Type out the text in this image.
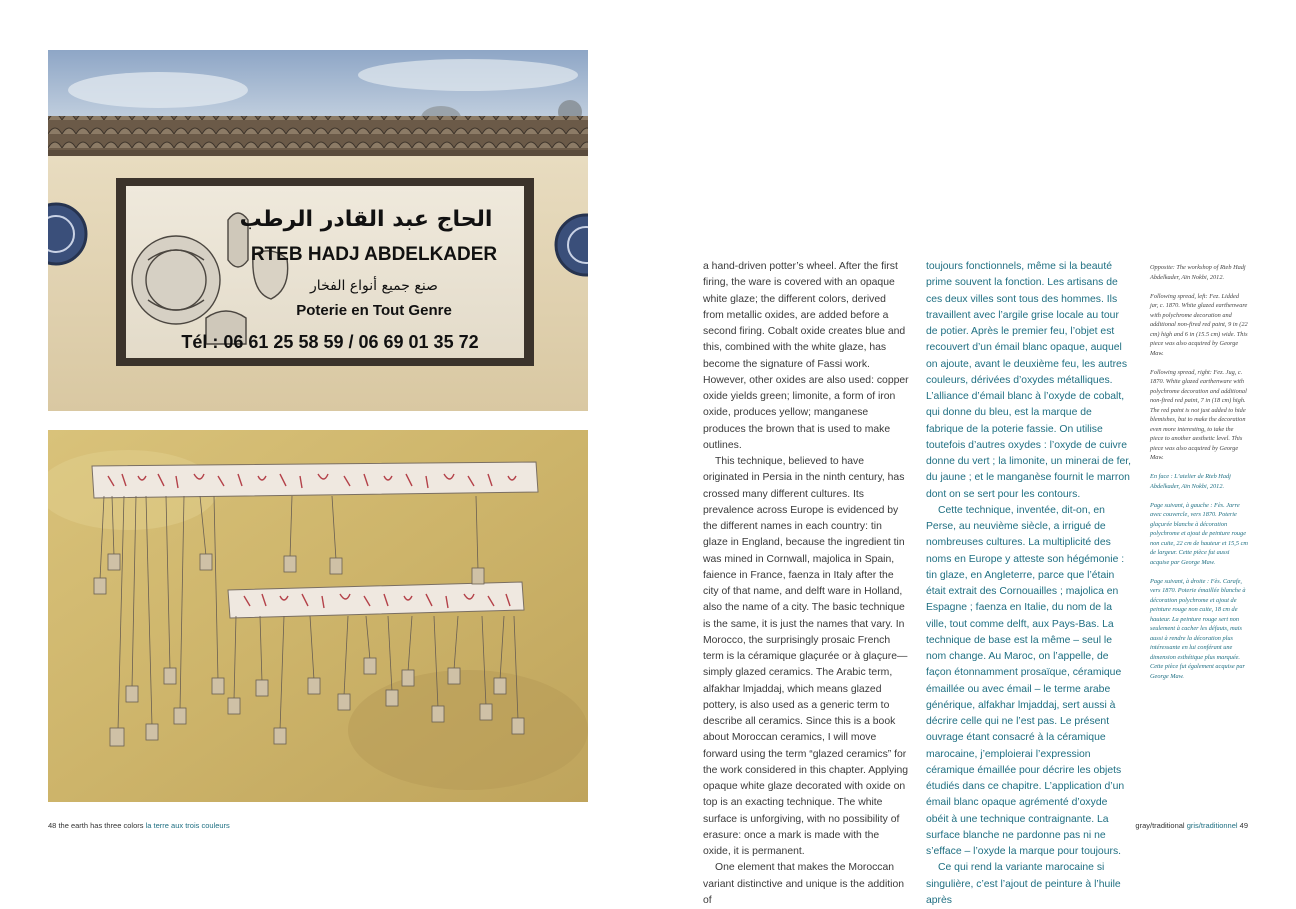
الحاج عبد القادر الرطب
RTEB HADJ ABDELKADER
صنع جميع أنواع الفخار
Poterie en Tout Genre
Tél : 06 61 25 58 59 / 06 69 01 35 72
48 the earth has three colors la terre aux trois couleurs

a hand-driven potter’s wheel. After the first firing, the ware is covered with an opaque white glaze; the different colors, derived from metallic oxides, are added before a second firing. Cobalt oxide creates blue and this, combined with the white glaze, has become the signature of Fassi work. However, other oxides are also used: copper oxide yields green; limonite, a form of iron oxide, produces yellow; manganese produces the brown that is used to make outlines.

This technique, believed to have originated in Persia in the ninth century, has crossed many different cultures. Its prevalence across Europe is evidenced by the different names in each country: tin glaze in England, because the ingredient tin was mined in Cornwall, majolica in Spain, faience in France, faenza in Italy after the city of that name, and delft ware in Holland, also the name of a city. The basic technique is the same, it is just the names that vary. In Morocco, the surprisingly prosaic French term is la céramique glaçurée or à glaçure—simply glazed ceramics. The Arabic term, alfakhar lmjaddaj, which means glazed pottery, is also used as a generic term to describe all ceramics. Since this is a book about Moroccan ceramics, I will move forward using the term “glazed ceramics” for the work considered in this chapter. Applying opaque white glaze decorated with oxide on top is an exacting technique. The white surface is unforgiving, with no possibility of erasure: once a mark is made with the oxide, it is permanent.

One element that makes the Moroccan variant distinctive and unique is the addition of

toujours fonctionnels, même si la beauté prime souvent la fonction. Les artisans de ces deux villes sont tous des hommes. Ils travaillent avec l’argile grise locale au tour de potier. Après le premier feu, l’objet est recouvert d’un émail blanc opaque, auquel on ajoute, avant le deuxième feu, les autres couleurs, dérivées d’oxydes métalliques. L’alliance d’émail blanc à l’oxyde de cobalt, qui donne du bleu, est la marque de fabrique de la poterie fassie. On utilise toutefois d’autres oxydes : l’oxyde de cuivre donne du vert ; la limonite, un minerai de fer, du jaune ; et le manganèse fournit le marron dont on se sert pour les contours.

Cette technique, inventée, dit-on, en Perse, au neuvième siècle, a irrigué de nombreuses cultures. La multiplicité des noms en Europe y atteste son hégémonie : tin glaze, en Angleterre, parce que l’étain était extrait des Cornouailles ; majolica en Espagne ; faenza en Italie, du nom de la ville, tout comme delft, aux Pays-Bas. La technique de base est la même – seul le nom change. Au Maroc, on l’appelle, de façon étonnamment prosaïque, céramique émaillée ou avec émail – le terme arabe générique, alfakhar lmjaddaj, sert aussi à décrire celle qui ne l’est pas. Le présent ouvrage étant consacré à la céramique marocaine, j’emploierai l’expression céramique émaillée pour décrire les objets étudiés dans ce chapitre. L’application d’un émail blanc opaque agrémenté d’oxyde obéit à une technique contraignante. La surface blanche ne pardonne pas ni ne s’efface – l’oxyde la marque pour toujours.

Ce qui rend la variante marocaine si singulière, c’est l’ajout de peinture à l’huile après

Opposite: The workshop of Rteb Hadj Abdelkader, Aïn Nokbi, 2012.

Following spread, left: Fez. Lidded jar, c. 1870. White glazed earthenware with polychrome decoration and additional non-fired red paint, 9 in (22 cm) high and 6 in (15.5 cm) wide. This piece was also acquired by George Maw.

Following spread, right: Fez. Jug, c. 1870. White glazed earthenware with polychrome decoration and additional non-fired red paint, 7 in (18 cm) high. The red paint is not just added to hide blemishes, but to make the decoration even more interesting, to take the piece to another aesthetic level. This piece was also acquired by George Maw.

En face : L’atelier de Rteb Hadj Abdelkader, Aïn Nokbi, 2012.

Page suivant, à gauche : Fès. Jarre avec couvercle, vers 1870. Poterie glaçurée blanche à décoration polychrome et ajout de peinture rouge non cuite, 22 cm de hauteur et 15,5 cm de largeur. Cette pièce fut aussi acquise par George Maw.

Page suivant, à droite : Fès. Carafe, vers 1870. Poterie émaillée blanche à décoration polychrome et ajout de peinture rouge non cuite, 18 cm de hauteur. La peinture rouge sert non seulement à cacher les défauts, mais aussi à rendre la décoration plus intéressante en lui conférant une dimension esthétique plus marquée. Cette pièce fut également acquise par George Maw.

gray/traditional gris/traditionnel 49
